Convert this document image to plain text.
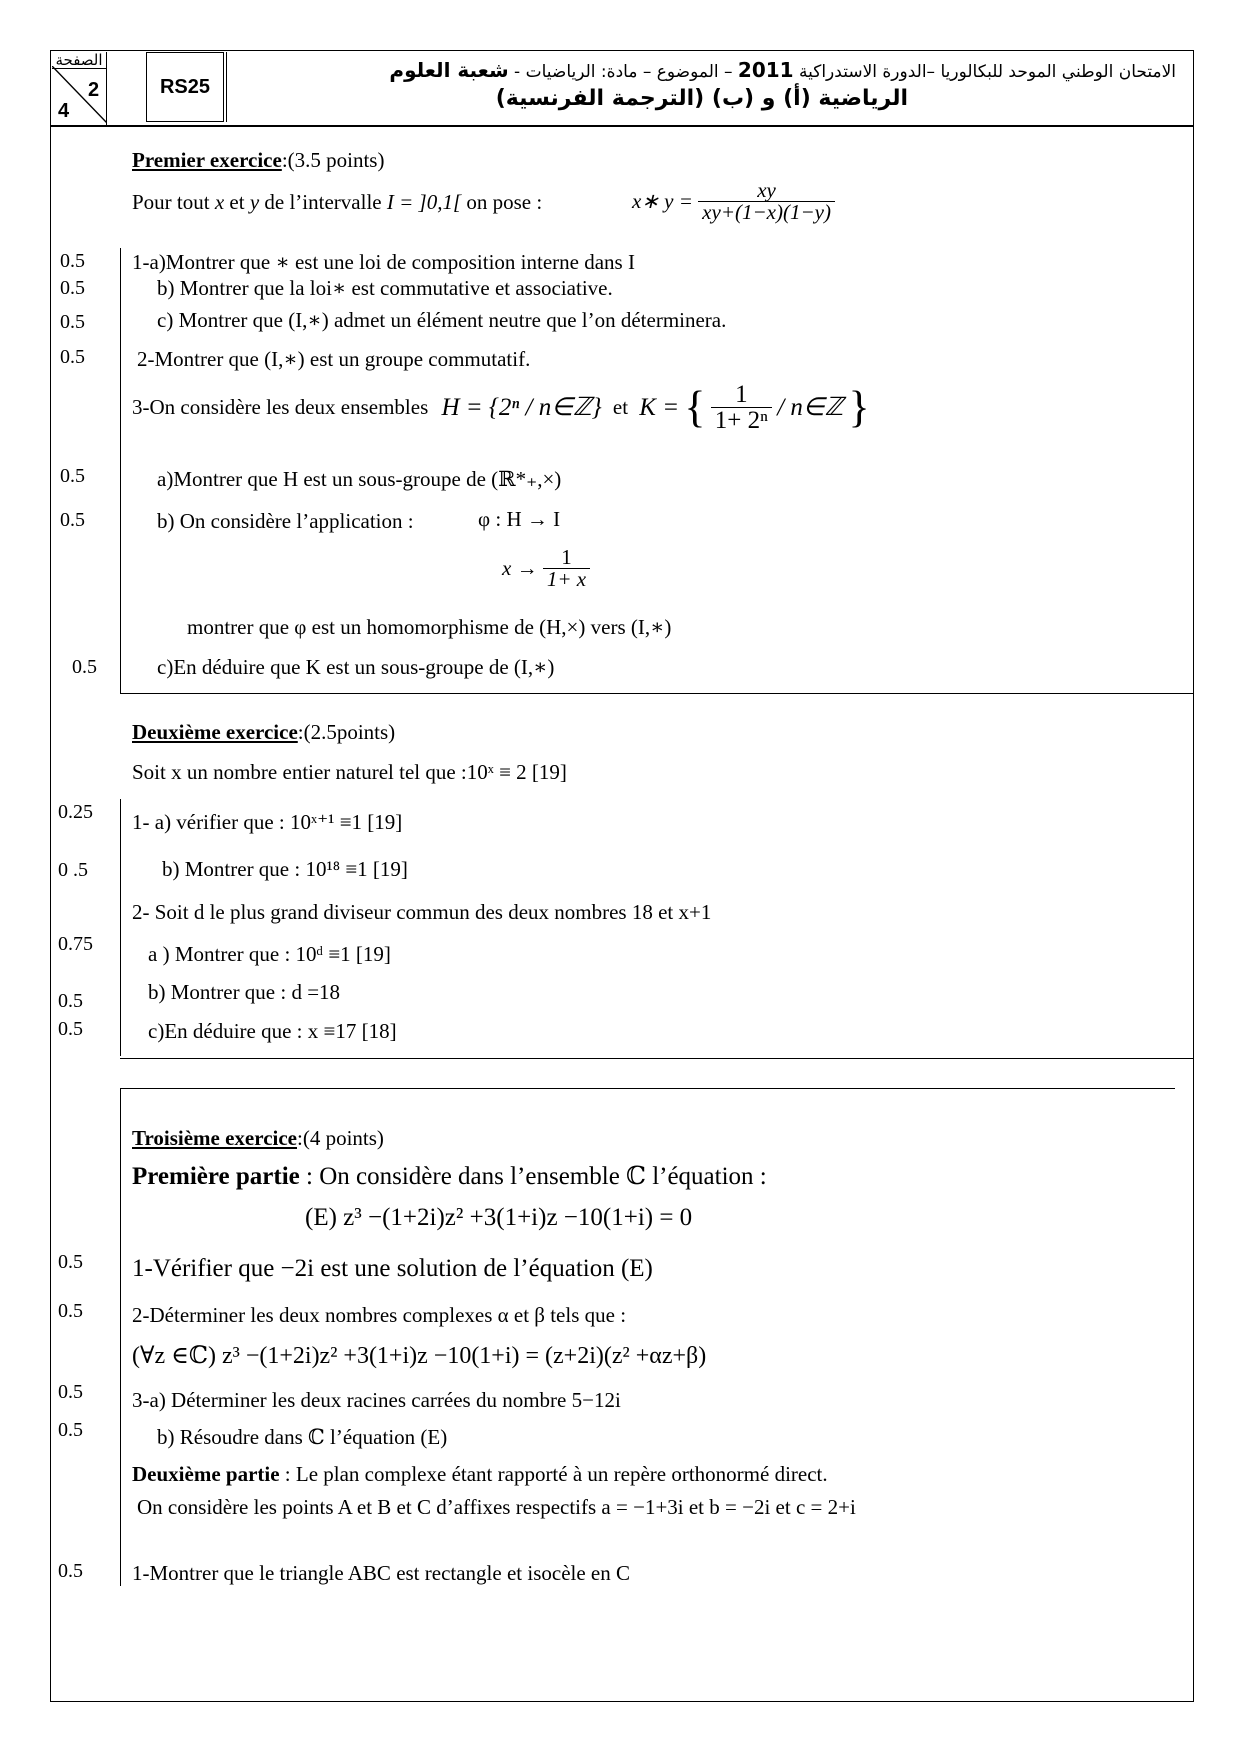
الصفحة
2
4
RS25
الامتحان الوطني الموحد للبكالوريا –الدورة الاستدراكية 2011 – الموضوع – مادة: الرياضيات - شعبة العلوم
الرياضية (أ) و (ب) (الترجمة الفرنسية)
Premier exercice:(3.5 points)
Pour tout x et y de l’intervalle I = ]0,1[ on pose :	x∗ $y = \frac{xy}{xy+(1-x)(1-y)}$
0.5
0.5
0.5
0.5
0.5
0.5
0.5
1-a)Montrer que ∗ est une loi de composition interne dans I
b) Montrer que la loi∗ est commutative et associative.
c) Montrer que (I,∗) admet un élément neutre que l’on déterminera.
2-Montrer que (I,∗) est un groupe commutatif.
3-On considère les deux ensembles H = {2ⁿ / n∈ℤ} et K = { $\frac{1}{\text{1+ 2ⁿ}}$ / n∈ℤ }
a)Montrer que H est un sous-groupe de (ℝ*₊,×)
b) On considère l’application :	φ : H → I
$x \to \frac{1}{1+ x}$
montrer que φ est un homomorphisme de (H,×) vers (I,∗)
c)En déduire que K est un sous-groupe de (I,∗)
Deuxième exercice:(2.5points)
Soit x un nombre entier naturel tel que :10ˣ ≡ 2 [19]
0.25
0 .5
0.75
0.5
0.5
1- a) vérifier que : 10ˣ⁺¹ ≡1 [19]
b) Montrer que : 10¹⁸ ≡1 [19]
2- Soit d le plus grand diviseur commun des deux nombres 18 et x+1
a ) Montrer que : 10ᵈ ≡1 [19]
b) Montrer que : d =18
c)En déduire que : x ≡17 [18]
Troisième exercice:(4 points)
Première partie : On considère dans l’ensemble ℂ l’équation :
(E) z³ −(1+2i)z² +3(1+i)z −10(1+i) = 0
0.5
0.5
0.5
0.5
0.5
1-Vérifier que −2i est une solution de l’équation (E)
2-Déterminer les deux nombres complexes α et β tels que :
(∀z ∈ℂ) z³ −(1+2i)z² +3(1+i)z −10(1+i) = (z+2i)(z² +αz+β)
3-a) Déterminer les deux racines carrées du nombre 5−12i
b) Résoudre dans ℂ l’équation (E)
Deuxième partie : Le plan complexe étant rapporté à un repère orthonormé direct.
On considère les points A et B et C d’affixes respectifs a = −1+3i et b = −2i et c = 2+i
1-Montrer que le triangle ABC est rectangle et isocèle en C
